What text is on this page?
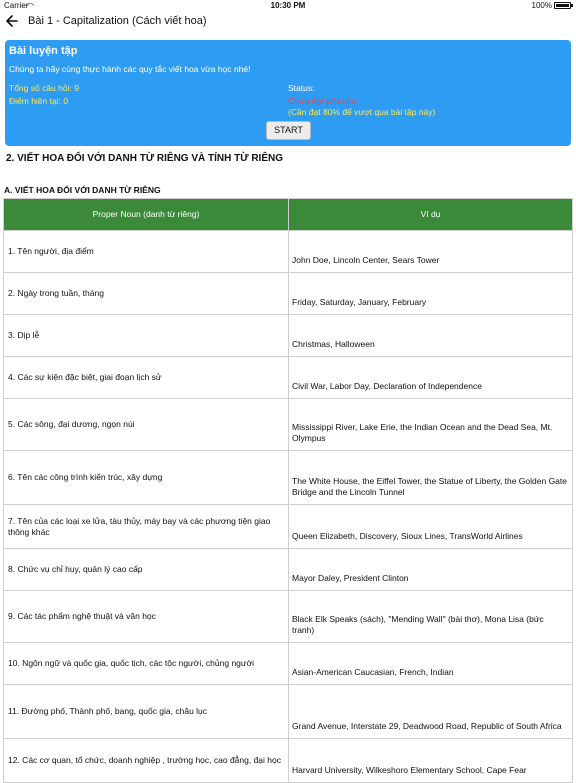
Carrier
◠	10:30 PM	100%
Bài 1 - Capitalization (Cách viết hoa)
Bài luyện tập
Chúng ta hãy cùng thực hành các quy tắc viết hoa vừa học nhé!
Tổng số câu hỏi: 9
Điểm hiện tại: 0
Status:
Chưa đạt yêu cầu
(Cần đạt 80% để vượt qua bài tập này)
START
2. VIẾT HOA ĐỐI VỚI DANH TỪ RIÊNG VÀ TÍNH TỪ RIÊNG
A. VIẾT HOA ĐỐI VỚI DANH TỪ RIÊNG
Proper Noun (danh từ riêng)	Ví dụ
1. Tên người, địa điểm
John Doe, Lincoln Center, Sears Tower
2. Ngày trong tuần, tháng
Friday, Saturday, January, February
3. Dịp lễ
Christmas, Halloween
4. Các sự kiện đặc biệt, giai đoạn lịch sử
Civil War, Labor Day, Declaration of Independence
5. Các sông, đại dương, ngọn núi	Mississippi River, Lake Erie, the Indian Ocean and the Dead Sea, Mt. Olympus
6. Tên các công trình kiến trúc, xây dựng	The White House, the Eiffel Tower, the Statue of Liberty, the Golden Gate Bridge and the Lincoln Tunnel
7. Tên của các loại xe lửa, tàu thủy, máy bay và các phương tiện giao thông khác	Queen Elizabeth, Discovery, Sioux Lines, TransWorld Airlines
8. Chức vụ chỉ huy, quản lý cao cấp
Mayor Daley, President Clinton
9. Các tác phẩm nghệ thuật và văn học	Black Elk Speaks (sách), "Mending Wall" (bài thơ), Mona Lisa (bức tranh)
10. Ngôn ngữ và quốc gia, quốc tịch, các tộc người, chủng người
Asian-American Caucasian, French, Indian
11. Đường phố, Thành phố, bang, quốc gia, châu lục
Grand Avenue, Interstate 29, Deadwood Road, Republic of South Africa
12. Các cơ quan, tổ chức, doanh nghiệp , trường học, cao đẳng, đại học
Harvard University, Wilkeshoro Elementary School, Cape Fear
